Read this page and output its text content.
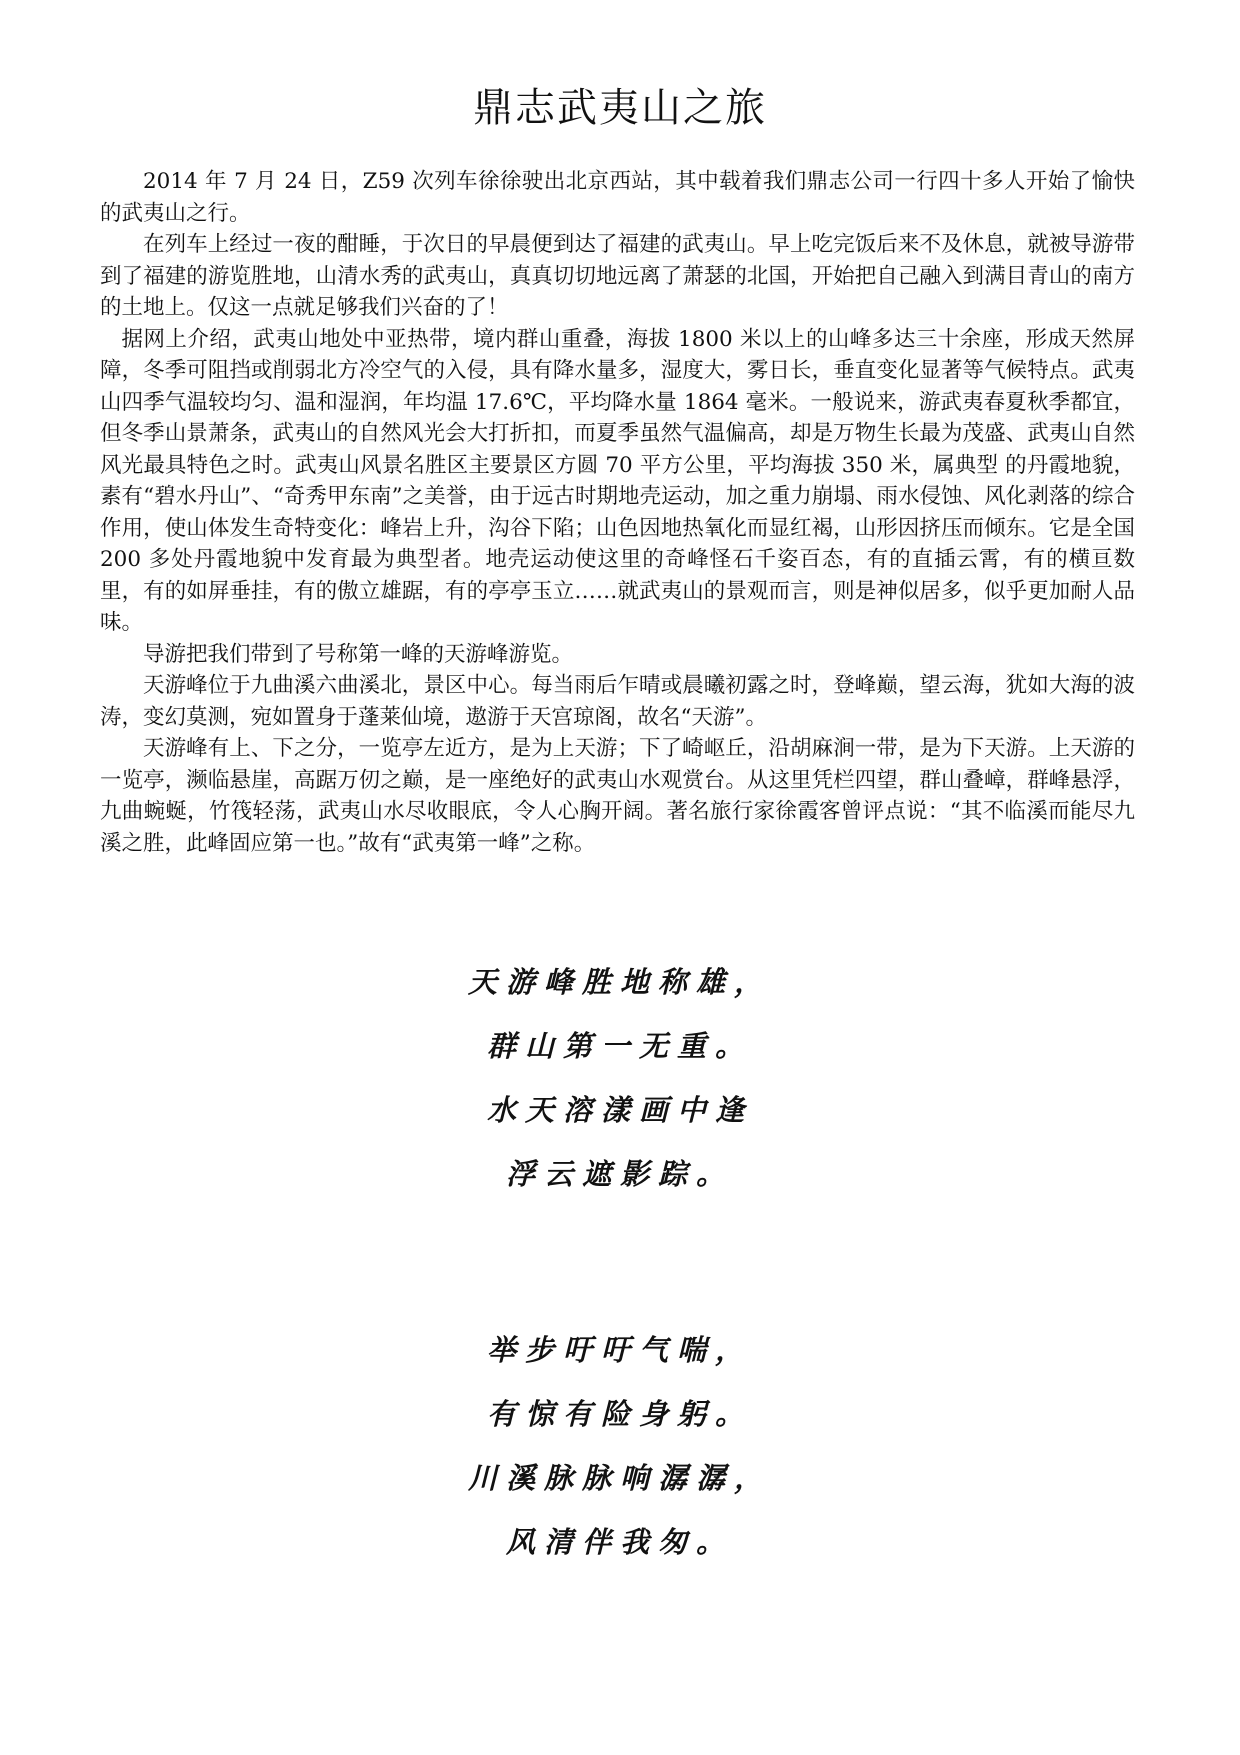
鼎志武夷山之旅

2014 年 7 月 24 日，Z59 次列车徐徐驶出北京西站，其中载着我们鼎志公司一行四十多人开始了愉快的武夷山之行。

在列车上经过一夜的酣睡，于次日的早晨便到达了福建的武夷山。早上吃完饭后来不及休息，就被导游带到了福建的游览胜地，山清水秀的武夷山，真真切切地远离了萧瑟的北国，开始把自己融入到满目青山的南方的土地上。仅这一点就足够我们兴奋的了！

据网上介绍，武夷山地处中亚热带，境内群山重叠，海拔 1800 米以上的山峰多达三十余座，形成天然屏障，冬季可阻挡或削弱北方冷空气的入侵，具有降水量多，湿度大，雾日长，垂直变化显著等气候特点。武夷山四季气温较均匀、温和湿润，年均温 17.6℃，平均降水量 1864 毫米。一般说来，游武夷春夏秋季都宜，但冬季山景萧条，武夷山的自然风光会大打折扣，而夏季虽然气温偏高，却是万物生长最为茂盛、武夷山自然风光最具特色之时。武夷山风景名胜区主要景区方圆 70 平方公里，平均海拔 350 米，属典型 的丹霞地貌，素有“碧水丹山”、“奇秀甲东南”之美誉，由于远古时期地壳运动，加之重力崩塌、雨水侵蚀、风化剥落的综合作用，使山体发生奇特变化：峰岩上升，沟谷下陷；山色因地热氧化而显红褐，山形因挤压而倾东。它是全国 200 多处丹霞地貌中发育最为典型者。地壳运动使这里的奇峰怪石千姿百态，有的直插云霄，有的横亘数里，有的如屏垂挂，有的傲立雄踞，有的亭亭玉立……就武夷山的景观而言，则是神似居多，似乎更加耐人品味。

导游把我们带到了号称第一峰的天游峰游览。

天游峰位于九曲溪六曲溪北，景区中心。每当雨后乍晴或晨曦初露之时，登峰巅，望云海，犹如大海的波涛，变幻莫测，宛如置身于蓬莱仙境，遨游于天宫琼阁，故名“天游”。

天游峰有上、下之分，一览亭左近方，是为上天游；下了崎岖丘，沿胡麻涧一带，是为下天游。上天游的一览亭，濒临悬崖，高踞万仞之巅，是一座绝好的武夷山水观赏台。从这里凭栏四望，群山叠嶂，群峰悬浮，九曲蜿蜒，竹筏轻荡，武夷山水尽收眼底，令人心胸开阔。著名旅行家徐霞客曾评点说：“其不临溪而能尽九溪之胜，此峰固应第一也。”故有“武夷第一峰”之称。

天游峰胜地称雄，
群山第一无重。
水天溶漾画中逢
浮云遮影踪。
举步吁吁气喘，
有惊有险身躬。
川溪脉脉响潺潺，
风清伴我匆。
